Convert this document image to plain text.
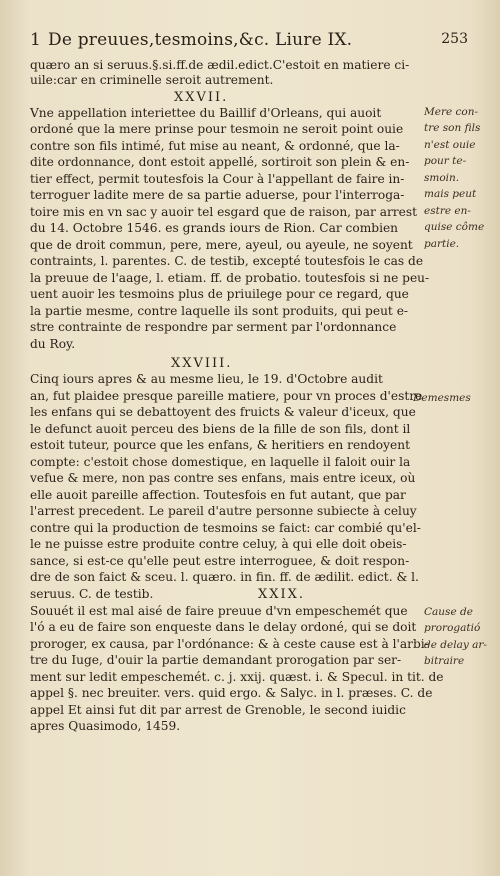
1 De preuues,tesmoins,&c. Liure IX.	253
quæro an si seruus.§.si.ff.de ædil.edict.C'estoit en matiere ci-
uile:car en criminelle seroit autrement.
XXVII.
Vne appellation interiettee du Baillif d'Orleans, qui auoit
ordoné que la mere prinse pour tesmoin ne seroit point ouie
contre son fils intimé, fut mise au neant, & ordonné, que la-
dite ordonnance, dont estoit appellé, sortiroit son plein & en-
tier effect, permit toutesfois la Cour à l'appellant de faire in-
terroguer ladite mere de sa partie aduerse, pour l'interroga-
toire mis en vn sac y auoir tel esgard que de raison, par arrest
du 14. Octobre 1546. es grands iours de Rion. Car combien
que de droit commun, pere, mere, ayeul, ou ayeule, ne soyent
contraints, l. parentes. C. de testib, excepté toutesfois le cas de
la preuue de l'aage, l. etiam. ff. de probatio. toutesfois si ne peu-
uent auoir les tesmoins plus de priuilege pour ce regard, que
la partie mesme, contre laquelle ils sont produits, qui peut e-
stre contrainte de respondre par serment par l'ordonnance
du Roy.
XXVIII.
Cinq iours apres & au mesme lieu, le 19. d'Octobre audit
an, fut plaidee presque pareille matiere, pour vn proces d'estre
les enfans qui se debattoyent des fruicts & valeur d'iceux, que
le defunct auoit perceu des biens de la fille de son fils, dont il
estoit tuteur, pource que les enfans, & heritiers en rendoyent
compte: c'estoit chose domestique, en laquelle il faloit ouir la
vefue & mere, non pas contre ses enfans, mais entre iceux, où
elle auoit pareille affection. Toutesfois en fut autant, que par
l'arrest precedent. Le pareil d'autre personne subiecte à celuy
contre qui la production de tesmoins se faict: car combié qu'el-
le ne puisse estre produite contre celuy, à qui elle doit obeis-
sance, si est-ce qu'elle peut estre interroguee, & doit respon-
dre de son faict & sceu. l. quæro. in fin. ff. de ædilit. edict. & l.
seruus. C. de testib.	XXIX.
Souuét il est mal aisé de faire preuue d'vn empeschemét que
l'ó a eu de faire son enqueste dans le delay ordoné, qui se doit
proroger, ex causa, par l'ordónance: & à ceste cause est à l'arbi-
tre du Iuge, d'ouir la partie demandant prorogation par ser-
ment sur ledit empeschemét. c. j. xxij. quæst. i. & Specul. in tit. de
appel §. nec breuiter. vers. quid ergo. & Salyc. in l. præses. C. de
appel Et ainsi fut dit par arrest de Grenoble, le second iuidic
apres Quasimodo, 1459.
Mere con-
tre son fils
n'est ouie
pour te-
smoin.
mais peut
estre en-
quise côme
partie.
Demesmes
Cause de
prorogatió
de delay ar-
bitraire
